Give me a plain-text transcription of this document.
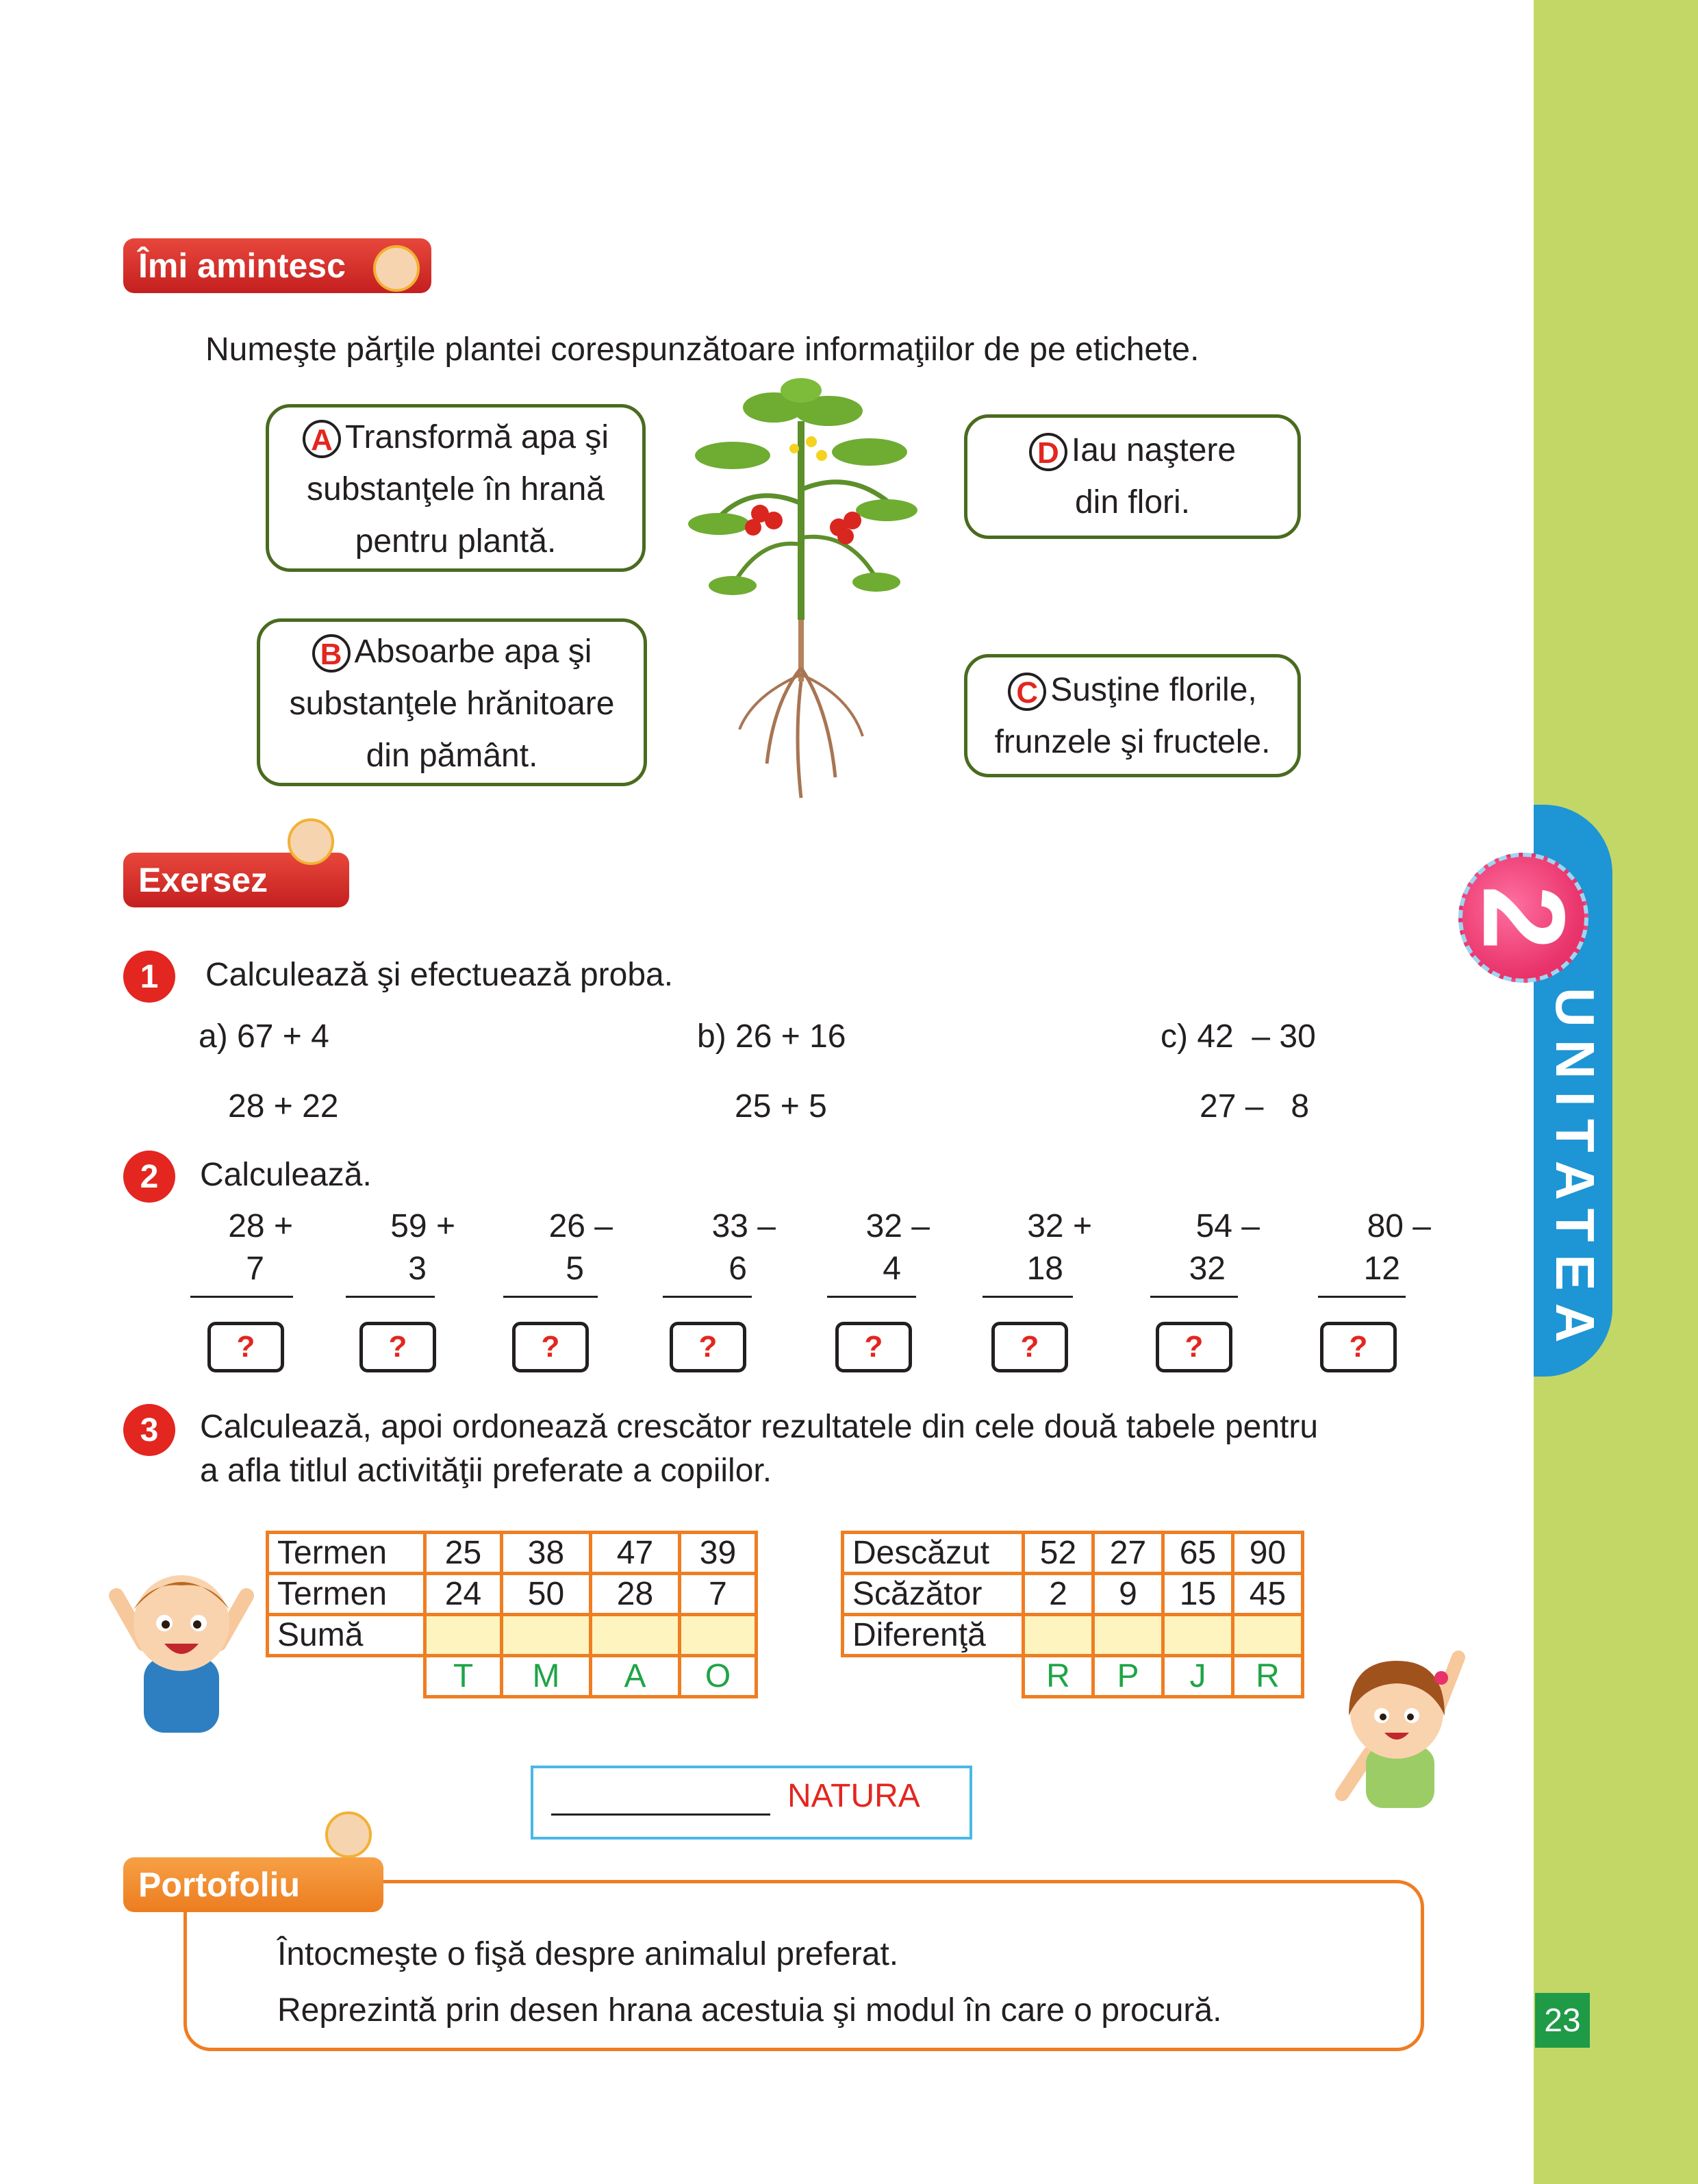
UNITATEA
2
23
Îmi amintesc
Numeşte părţile plantei corespunzătoare informaţiilor de pe etichete.
A Transformă apa şi
substanţele în hrană
pentru plantă.
B Absoarbe apa şi
substanţele hrănitoare
din pământ.
D Iau naştere
din flori.
C Susţine florile,
frunzele şi fructele.
Exersez
1	Calculează şi efectuează proba.
a) 67 + 4	b) 26 + 16	c) 42  – 30
28 + 22	25 + 5	27 –   8
2	Calculează.
28 +
7
59 +
3
26 –
5
33 –
6
32 –
4
32 +
18
54 –
32
80 –
12
?	?	?	?	?	?	?	?
3	Calculează, apoi ordonează crescător rezultatele din cele două tabele pentru
a afla titlul activităţii preferate a copiilor.
Termen	25	38	47	39
Termen	24	50	28	7
Sumă				
	T	M	A	O
Descăzut	52	27	65	90
Scăzător	2	9	15	45
Diferenţă				
	R	P	J	R
NATURA
Portofoliu
Întocmeşte o fişă despre animalul preferat.
Reprezintă prin desen hrana acestuia şi modul în care o procură.
